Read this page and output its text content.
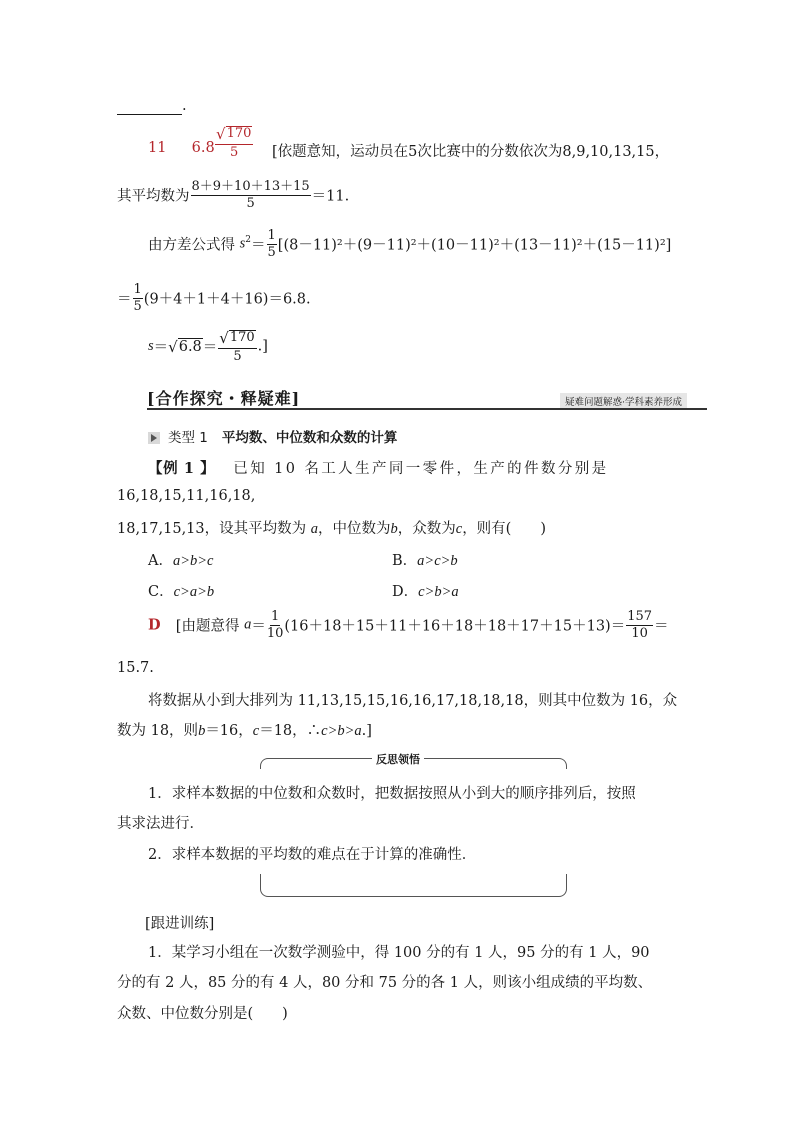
.
11 $6.8 \frac{√ 170}{5}$ [依题意知，运动员在5次比赛中的分数依次为8,9,10,13,15，
其平均数为 $\frac{8+9+10+13+15}{5} =11$.
由方差公式得 $s^2= \frac{1}{5} [(8-11)^2+(9-11)^2+(10-11)^2+(13-11)^2+(15-11)^2]$
＝ $\frac{1}{5} (9+4+1+4+16)=6.8$.
s＝ √ $6.8 = \frac{√ 170}{5}$ .]
[合作探究・释疑难]	疑难问题解惑·学科素养形成
类型 1 平均数、中位数和众数的计算
【例 1 】 已知 10 名工人生产同一零件，生产的件数分别是
16,18,15,11,16,18,
18,17,15,13，设其平均数为 a，中位数为b，众数为c，则有(　　)
A．a>b>c	B．a>c>b
C．c>a>b	D．c>b>a
D [由题意得 $a= \frac{1}{10} (16+18+15+11+16+18+18+17+15+13)= \frac{157}{10}$ ＝
15.7.
将数据从小到大排列为 11,13,15,15,16,16,17,18,18,18，则其中位数为 16，众
数为 18，则b＝16，c＝18，∴c>b>a.]
反思领悟
1．求样本数据的中位数和众数时，把数据按照从小到大的顺序排列后，按照
其求法进行．
2．求样本数据的平均数的难点在于计算的准确性．
[跟进训练]
1．某学习小组在一次数学测验中，得 100 分的有 1 人，95 分的有 1 人，90
分的有 2 人，85 分的有 4 人，80 分和 75 分的各 1 人，则该小组成绩的平均数、
众数、中位数分别是(　　)
